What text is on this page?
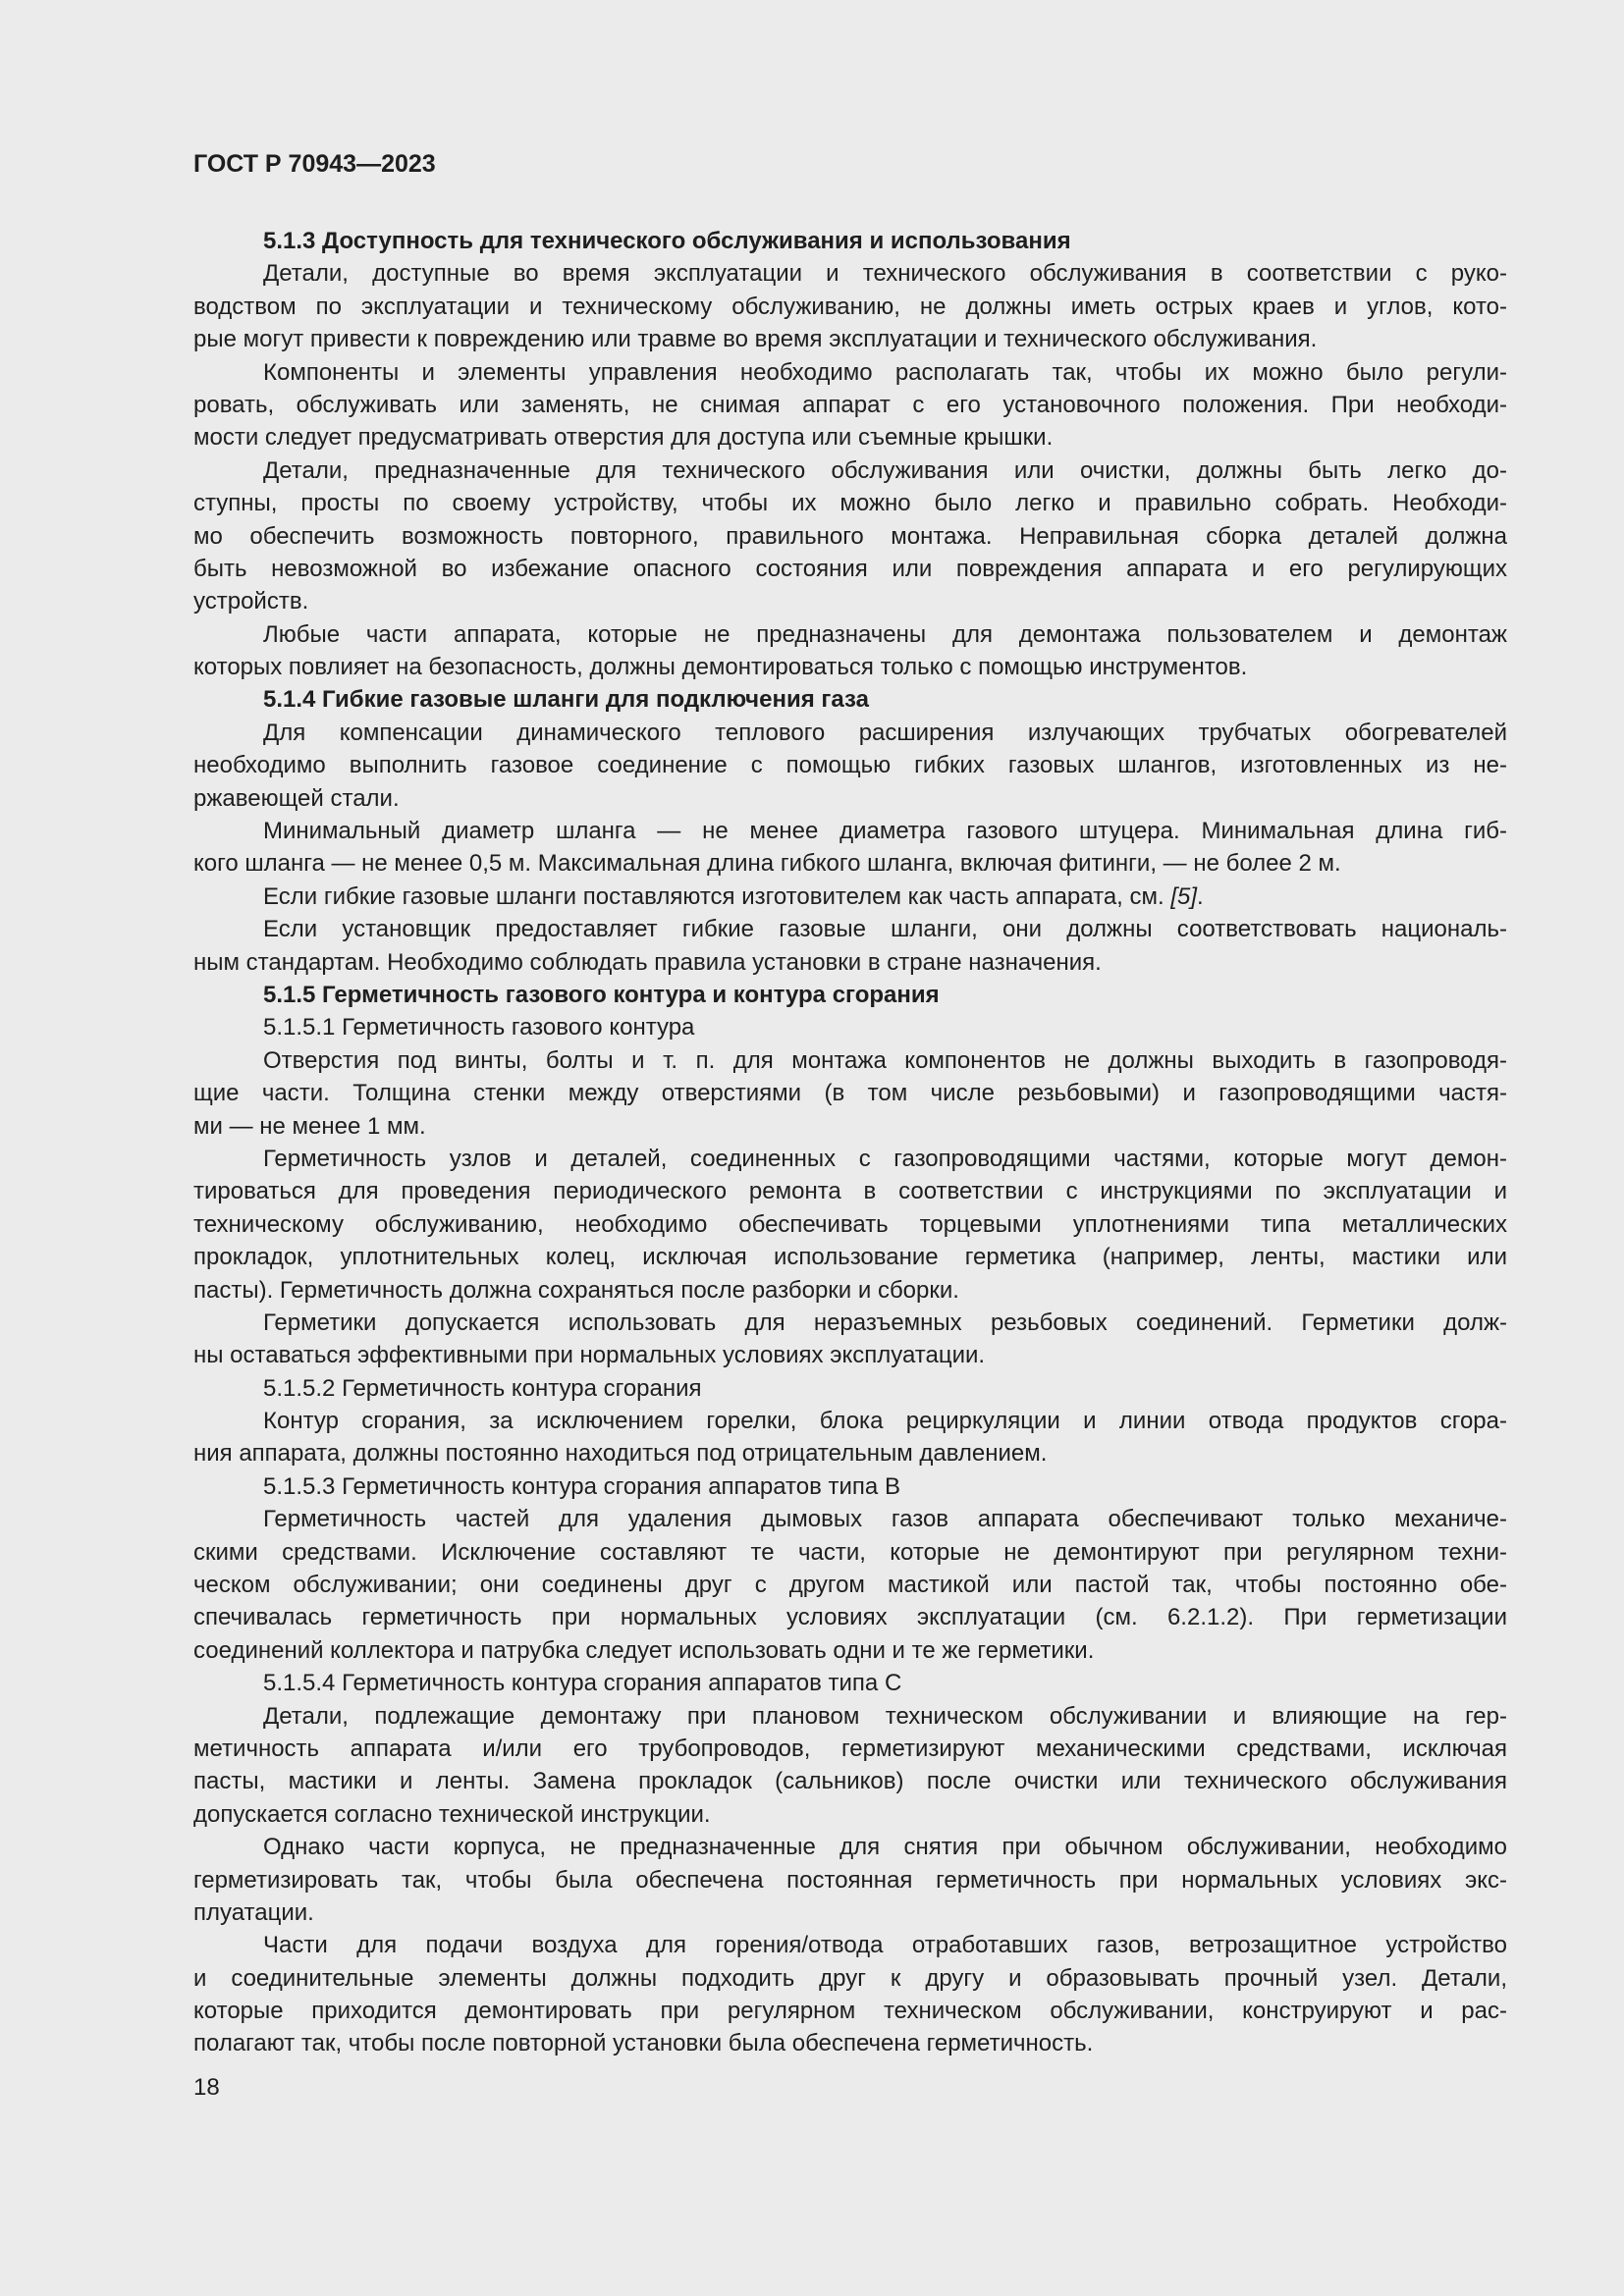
ГОСТ Р 70943—2023
5.1.3 Доступность для технического обслуживания и использования
Детали, доступные во время эксплуатации и технического обслуживания в соответствии с руко-
водством по эксплуатации и техническому обслуживанию, не должны иметь острых краев и углов, кото-
рые могут привести к повреждению или травме во время эксплуатации и технического обслуживания.
Компоненты и элементы управления необходимо располагать так, чтобы их можно было регули-
ровать, обслуживать или заменять, не снимая аппарат с его установочного положения. При необходи-
мости следует предусматривать отверстия для доступа или съемные крышки.
Детали, предназначенные для технического обслуживания или очистки, должны быть легко до-
ступны, просты по своему устройству, чтобы их можно было легко и правильно собрать. Необходи-
мо обеспечить возможность повторного, правильного монтажа. Неправильная сборка деталей должна
быть невозможной во избежание опасного состояния или повреждения аппарата и его регулирующих
устройств.
Любые части аппарата, которые не предназначены для демонтажа пользователем и демонтаж
которых повлияет на безопасность, должны демонтироваться только с помощью инструментов.
5.1.4 Гибкие газовые шланги для подключения газа
Для компенсации динамического теплового расширения излучающих трубчатых обогревателей
необходимо выполнить газовое соединение с помощью гибких газовых шлангов, изготовленных из не-
ржавеющей стали.
Минимальный диаметр шланга — не менее диаметра газового штуцера. Минимальная длина гиб-
кого шланга — не менее 0,5 м. Максимальная длина гибкого шланга, включая фитинги, — не более 2 м.
Если гибкие газовые шланги поставляются изготовителем как часть аппарата, см. [5].
Если установщик предоставляет гибкие газовые шланги, они должны соответствовать националь-
ным стандартам. Необходимо соблюдать правила установки в стране назначения.
5.1.5 Герметичность газового контура и контура сгорания
5.1.5.1 Герметичность газового контура
Отверстия под винты, болты и т. п. для монтажа компонентов не должны выходить в газопроводя-
щие части. Толщина стенки между отверстиями (в том числе резьбовыми) и газопроводящими частя-
ми — не менее 1 мм.
Герметичность узлов и деталей, соединенных с газопроводящими частями, которые могут демон-
тироваться для проведения периодического ремонта в соответствии с инструкциями по эксплуатации и
техническому обслуживанию, необходимо обеспечивать торцевыми уплотнениями типа металлических
прокладок, уплотнительных колец, исключая использование герметика (например, ленты, мастики или
пасты). Герметичность должна сохраняться после разборки и сборки.
Герметики допускается использовать для неразъемных резьбовых соединений. Герметики долж-
ны оставаться эффективными при нормальных условиях эксплуатации.
5.1.5.2 Герметичность контура сгорания
Контур сгорания, за исключением горелки, блока рециркуляции и линии отвода продуктов сгора-
ния аппарата, должны постоянно находиться под отрицательным давлением.
5.1.5.3 Герметичность контура сгорания аппаратов типа В
Герметичность частей для удаления дымовых газов аппарата обеспечивают только механиче-
скими средствами. Исключение составляют те части, которые не демонтируют при регулярном техни-
ческом обслуживании; они соединены друг с другом мастикой или пастой так, чтобы постоянно обе-
спечивалась герметичность при нормальных условиях эксплуатации (см. 6.2.1.2). При герметизации
соединений коллектора и патрубка следует использовать одни и те же герметики.
5.1.5.4 Герметичность контура сгорания аппаратов типа С
Детали, подлежащие демонтажу при плановом техническом обслуживании и влияющие на гер-
метичность аппарата и/или его трубопроводов, герметизируют механическими средствами, исключая
пасты, мастики и ленты. Замена прокладок (сальников) после очистки или технического обслуживания
допускается согласно технической инструкции.
Однако части корпуса, не предназначенные для снятия при обычном обслуживании, необходимо
герметизировать так, чтобы была обеспечена постоянная герметичность при нормальных условиях экс-
плуатации.
Части для подачи воздуха для горения/отвода отработавших газов, ветрозащитное устройство
и соединительные элементы должны подходить друг к другу и образовывать прочный узел. Детали,
которые приходится демонтировать при регулярном техническом обслуживании, конструируют и рас-
полагают так, чтобы после повторной установки была обеспечена герметичность.
18
